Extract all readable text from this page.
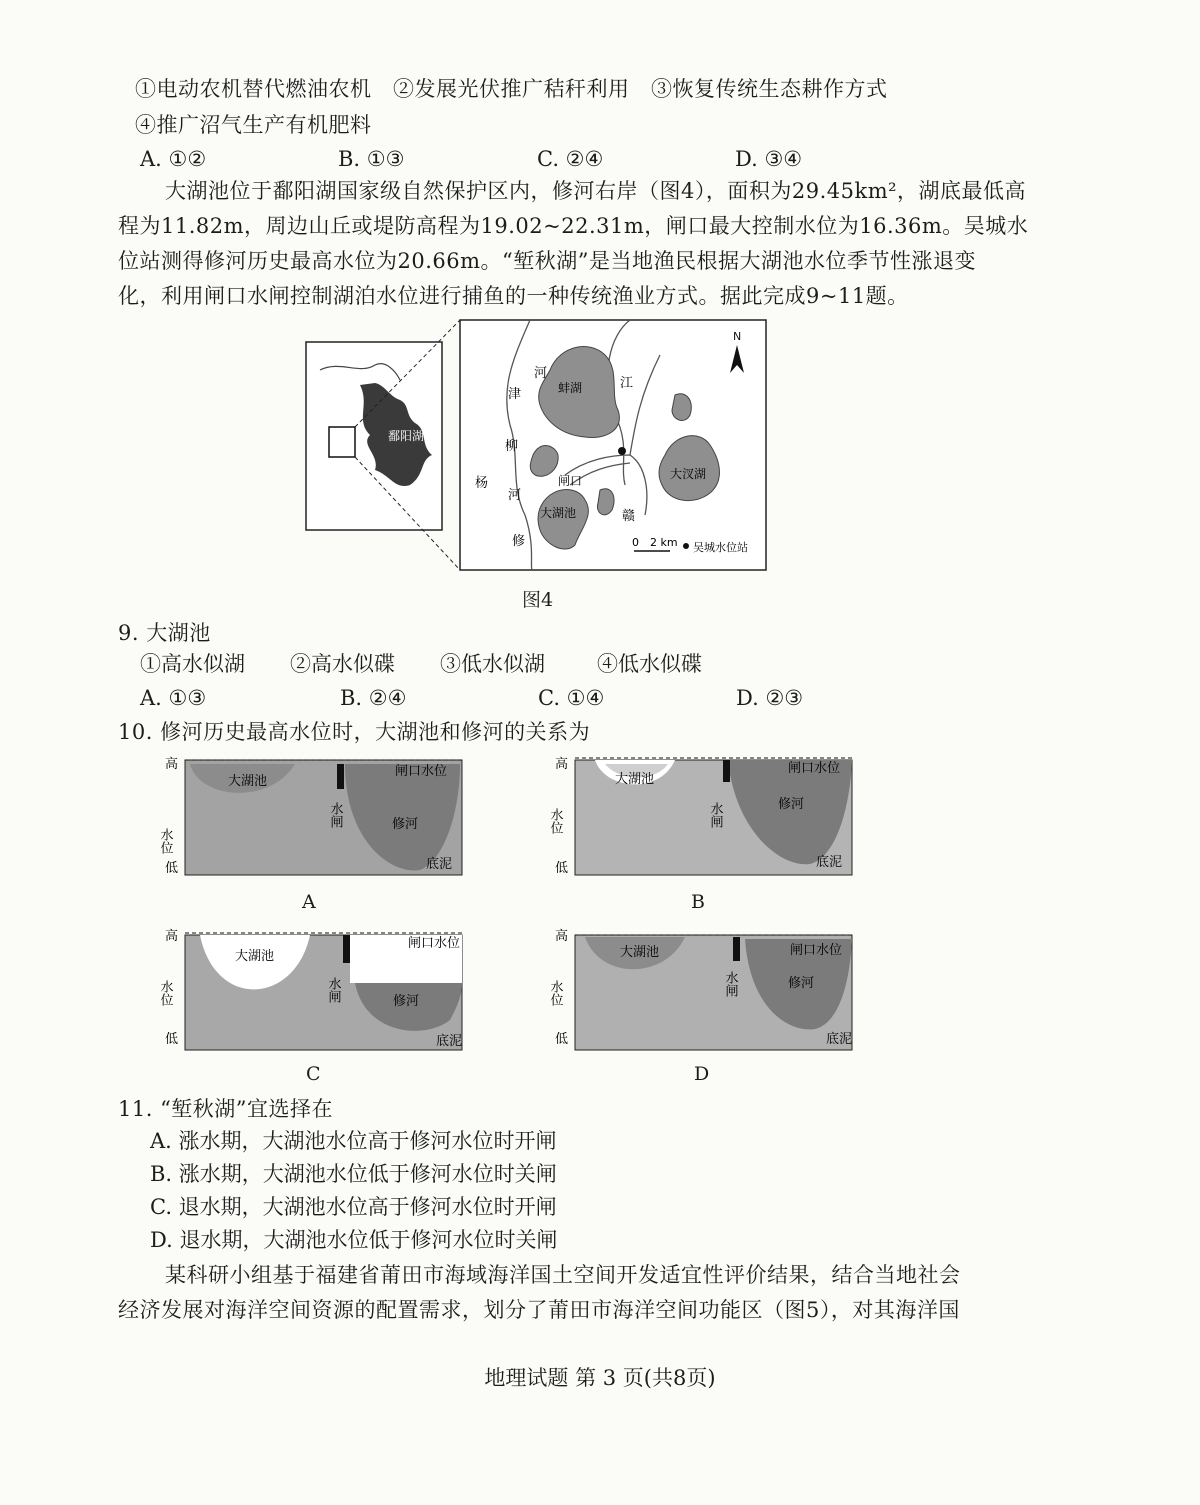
①电动农机替代燃油农机　②发展光伏推广秸秆利用　③恢复传统生态耕作方式
④推广沼气生产有机肥料
A. ①②	B. ①③	C. ②④	D. ③④
大湖池位于鄱阳湖国家级自然保护区内，修河右岸（图4），面积为29.45km²，湖底最低高
程为11.82m，周边山丘或堤防高程为19.02~22.31m，闸口最大控制水位为16.36m。吴城水
位站测得修河历史最高水位为20.66m。“堑秋湖”是当地渔民根据大湖池水位季节性涨退变
化，利用闸口水闸控制湖泊水位进行捕鱼的一种传统渔业方式。据此完成9~11题。
鄱阳湖
N
河
津
柳
杨
河
修
江
赣
蚌湖
大湖池
大汊湖
闸口
0　2 km 吴城水位站
图4
9. 大湖池
①高水似湖 ②高水似碟 ③低水似湖 ④低水似碟
A. ①③	B. ②④	C. ①④	D. ②③
10. 修河历史最高水位时，大湖池和修河的关系为
高
水位
低
大湖池
水闸
闸口水位
修河
底泥
A
高
水位
低
大湖池
水闸
闸口水位
修河
底泥
B
高
水位
低
大湖池
水闸
闸口水位
修河
底泥
C
高
水位
低
大湖池
水闸
闸口水位
修河
底泥
D
11. “堑秋湖”宜选择在
A. 涨水期，大湖池水位高于修河水位时开闸
B. 涨水期，大湖池水位低于修河水位时关闸
C. 退水期，大湖池水位高于修河水位时开闸
D. 退水期，大湖池水位低于修河水位时关闸
某科研小组基于福建省莆田市海域海洋国土空间开发适宜性评价结果，结合当地社会
经济发展对海洋空间资源的配置需求，划分了莆田市海洋空间功能区（图5），对其海洋国
地理试题 第 3 页(共8页)
